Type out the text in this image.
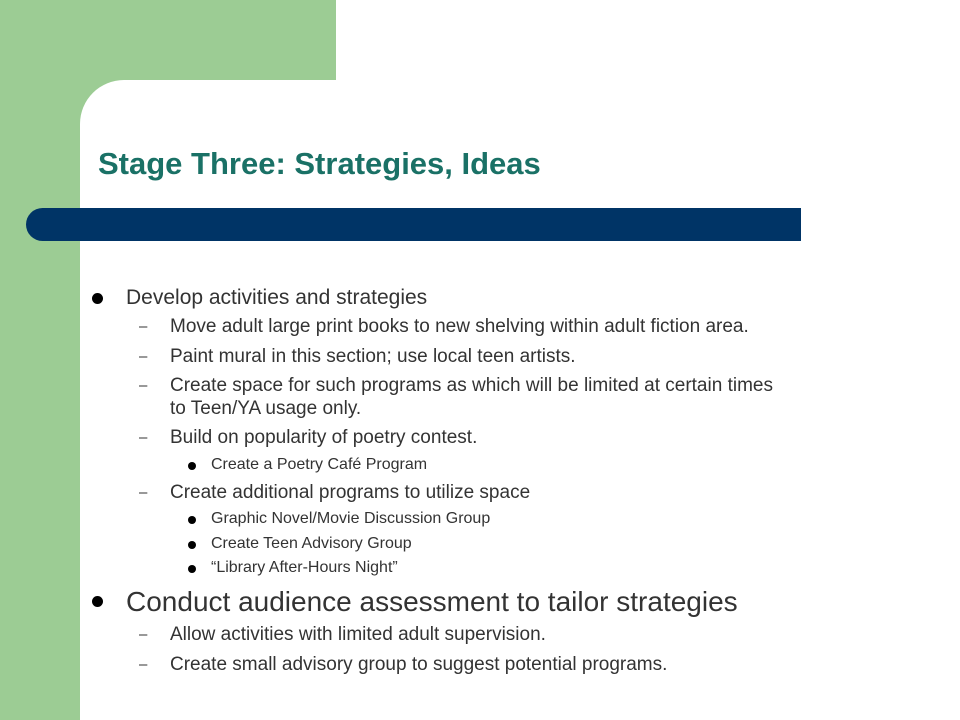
Stage Three: Strategies, Ideas
Develop activities and strategies
– Move adult large print books to new shelving within adult fiction area.
– Paint mural in this section; use local teen artists.
– Create space for such programs as which will be limited at certain times
to Teen/YA usage only.
– Build on popularity of poetry contest.
Create a Poetry Café Program
– Create additional programs to utilize space
Graphic Novel/Movie Discussion Group
Create Teen Advisory Group
“Library After-Hours Night”
Conduct audience assessment to tailor strategies
– Allow activities with limited adult supervision.
– Create small advisory group to suggest potential programs.
